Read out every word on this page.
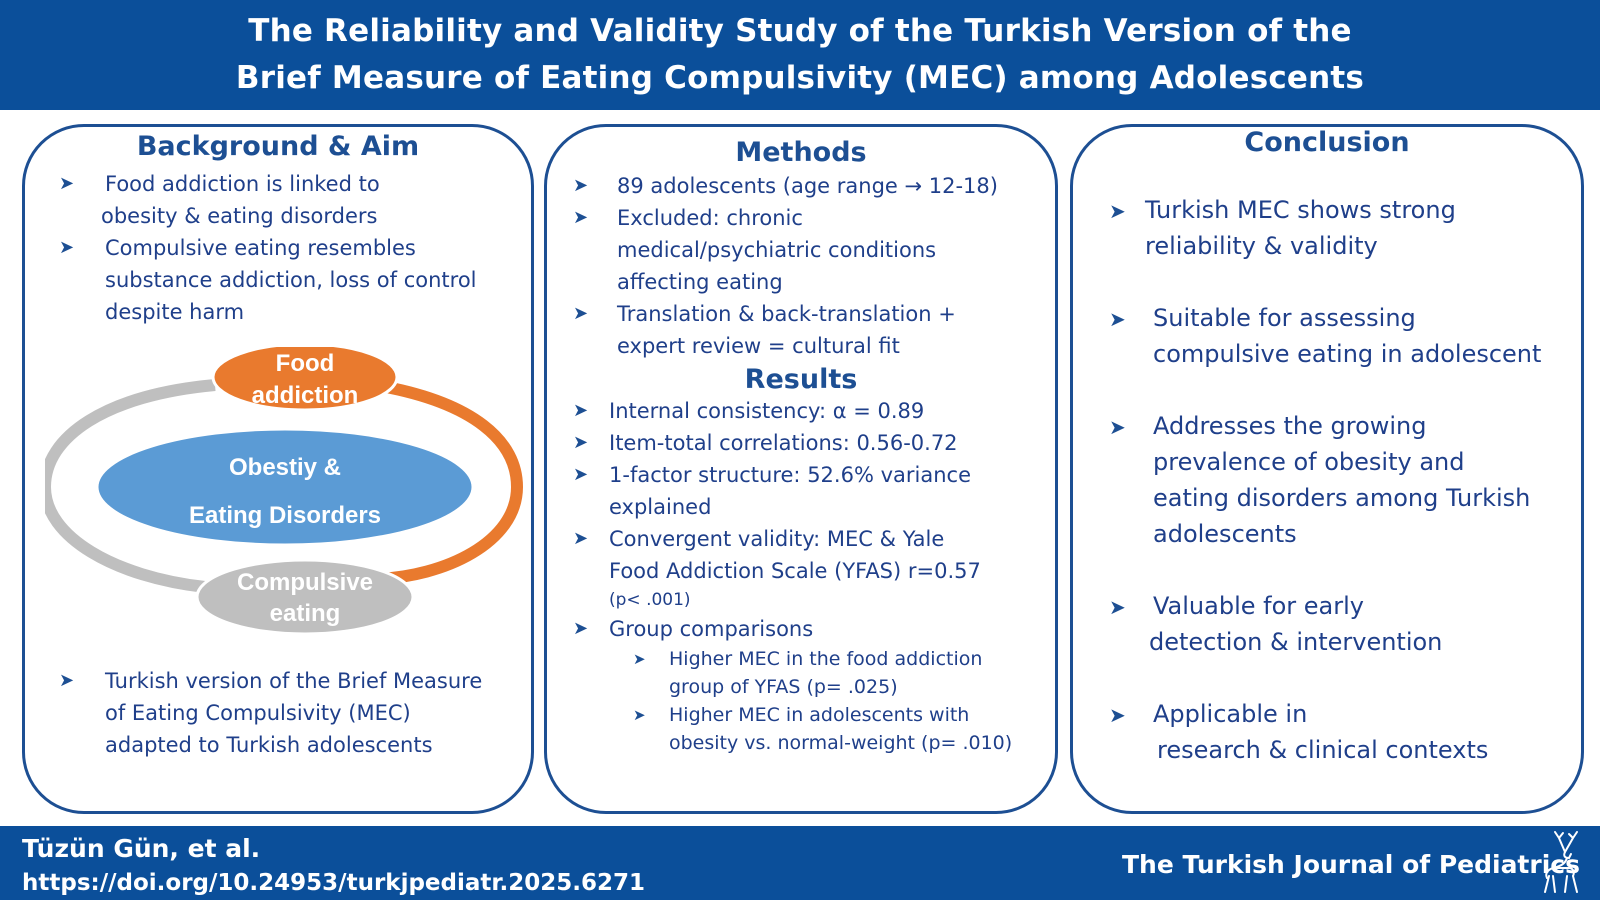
The Reliability and Validity Study of the Turkish Version of the
Brief Measure of Eating Compulsivity (MEC) among Adolescents
Background & Aim
➤ Food addiction is linked to
obesity & eating disorders
➤ Compulsive eating resembles
substance addiction, loss of control
despite harm
Food
addiction
Obestiy &
Eating Disorders
Compulsive
eating
➤ Turkish version of the Brief Measure
of Eating Compulsivity (MEC)
adapted to Turkish adolescents
Methods
➤ 89 adolescents (age range → 12-18)
➤ Excluded: chronic
medical/psychiatric conditions
affecting eating
➤ Translation & back-translation +
expert review = cultural fit
Results
➤ Internal consistency: α = 0.89
➤ Item-total correlations: 0.56-0.72
➤ 1-factor structure: 52.6% variance
explained
➤ Convergent validity: MEC & Yale
Food Addiction Scale (YFAS) r=0.57
(p< .001)
➤ Group comparisons
➤ Higher MEC in the food addiction
group of YFAS (p= .025)
➤ Higher MEC in adolescents with
obesity vs. normal-weight (p= .010)
Conclusion
➤ Turkish MEC shows strong
reliability & validity
➤ Suitable for assessing
compulsive eating in adolescent
➤ Addresses the growing
prevalence of obesity and
eating disorders among Turkish
adolescents
➤ Valuable for early
detection & intervention
➤ Applicable in
research & clinical contexts
Tüzün Gün, et al.
https://doi.org/10.24953/turkjpediatr.2025.6271
The Turkish Journal of Pediatrics
